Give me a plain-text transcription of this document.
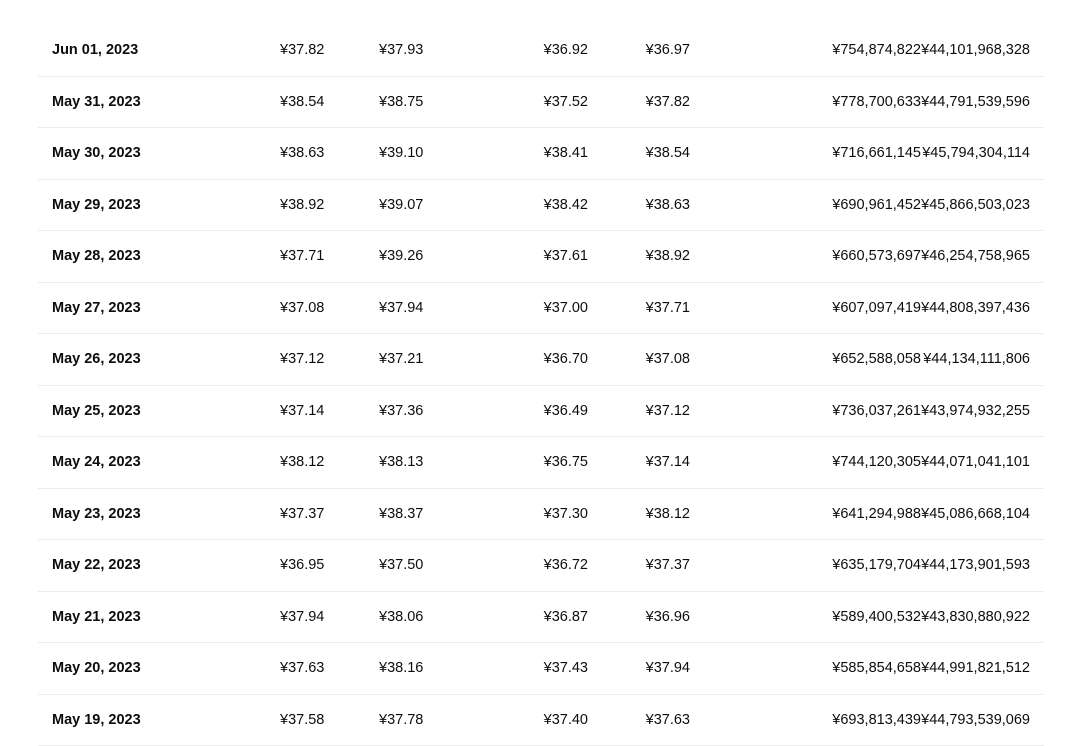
Jun 01, 2023	¥37.82	¥37.93	¥36.92	¥36.97	¥754,874,822 ¥44,101,968,328
May 31, 2023	¥38.54	¥38.75	¥37.52	¥37.82	¥778,700,633 ¥44,791,539,596
May 30, 2023	¥38.63	¥39.10	¥38.41	¥38.54	¥716,661,145 ¥45,794,304,114
May 29, 2023	¥38.92	¥39.07	¥38.42	¥38.63	¥690,961,452 ¥45,866,503,023
May 28, 2023	¥37.71	¥39.26	¥37.61	¥38.92	¥660,573,697 ¥46,254,758,965
May 27, 2023	¥37.08	¥37.94	¥37.00	¥37.71	¥607,097,419 ¥44,808,397,436
May 26, 2023	¥37.12	¥37.21	¥36.70	¥37.08	¥652,588,058 ¥44,134,111,806
May 25, 2023	¥37.14	¥37.36	¥36.49	¥37.12	¥736,037,261 ¥43,974,932,255
May 24, 2023	¥38.12	¥38.13	¥36.75	¥37.14	¥744,120,305 ¥44,071,041,101
May 23, 2023	¥37.37	¥38.37	¥37.30	¥38.12	¥641,294,988 ¥45,086,668,104
May 22, 2023	¥36.95	¥37.50	¥36.72	¥37.37	¥635,179,704 ¥44,173,901,593
May 21, 2023	¥37.94	¥38.06	¥36.87	¥36.96	¥589,400,532 ¥43,830,880,922
May 20, 2023	¥37.63	¥38.16	¥37.43	¥37.94	¥585,854,658 ¥44,991,821,512
May 19, 2023	¥37.58	¥37.78	¥37.40	¥37.63	¥693,813,439 ¥44,793,539,069
